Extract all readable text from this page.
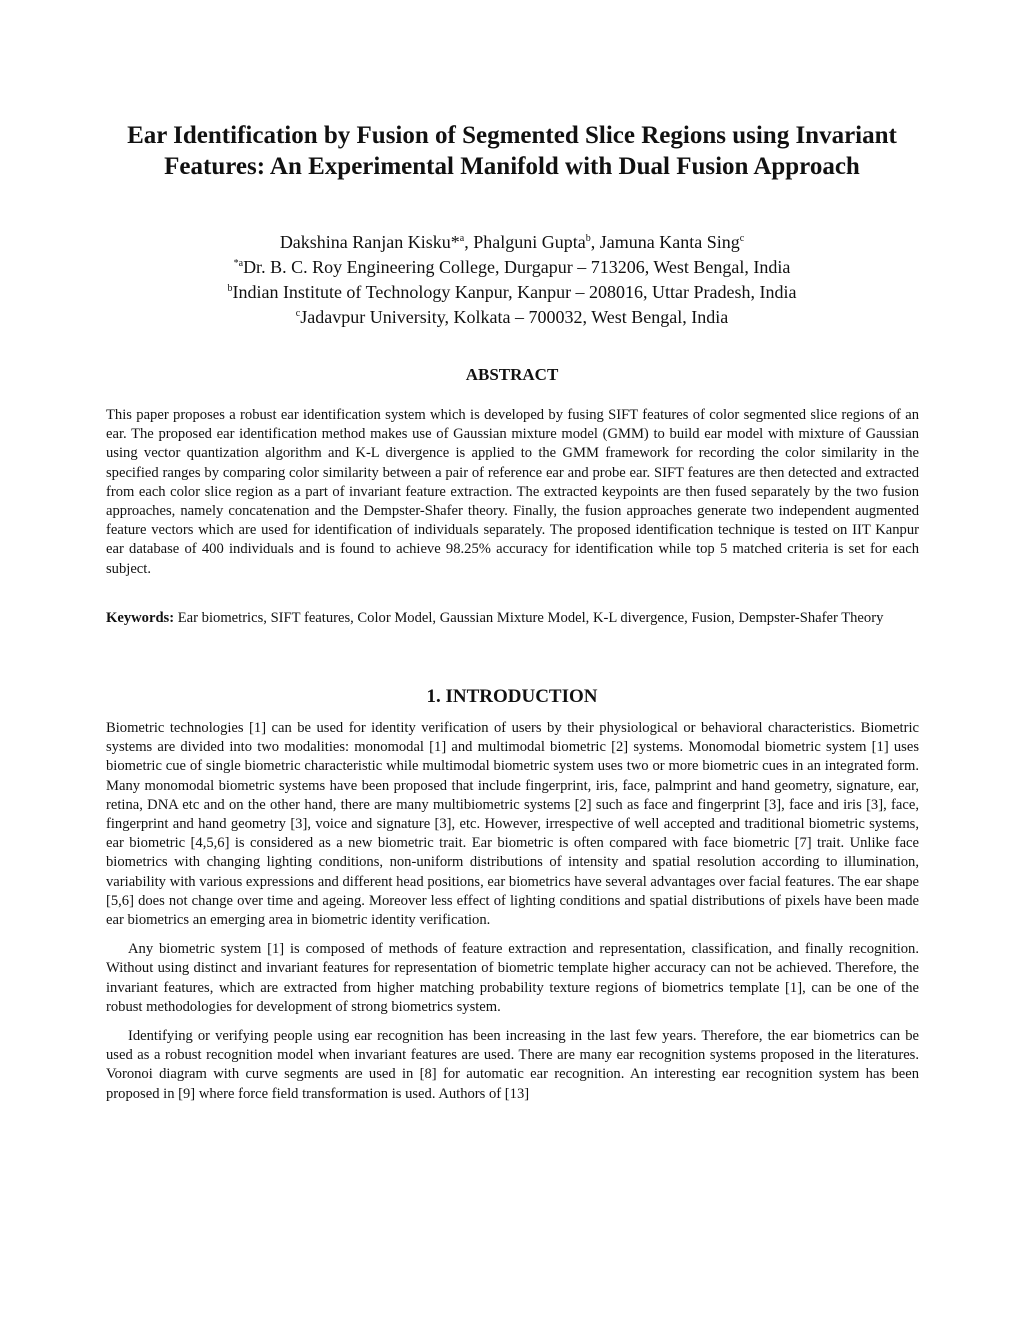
Ear Identification by Fusion of Segmented Slice Regions using Invariant Features: An Experimental Manifold with Dual Fusion Approach
Dakshina Ranjan Kisku*$^a$, Phalguni Gupta$^b$, Jamuna Kanta Sing$^c$
$^{*a}$Dr. B. C. Roy Engineering College, Durgapur – 713206, West Bengal, India
$^b$Indian Institute of Technology Kanpur, Kanpur – 208016, Uttar Pradesh, India
$^c$Jadavpur University, Kolkata – 700032, West Bengal, India
ABSTRACT

This paper proposes a robust ear identification system which is developed by fusing SIFT features of color segmented slice regions of an ear. The proposed ear identification method makes use of Gaussian mixture model (GMM) to build ear model with mixture of Gaussian using vector quantization algorithm and K-L divergence is applied to the GMM framework for recording the color similarity in the specified ranges by comparing color similarity between a pair of reference ear and probe ear. SIFT features are then detected and extracted from each color slice region as a part of invariant feature extraction. The extracted keypoints are then fused separately by the two fusion approaches, namely concatenation and the Dempster-Shafer theory. Finally, the fusion approaches generate two independent augmented feature vectors which are used for identification of individuals separately. The proposed identification technique is tested on IIT Kanpur ear database of 400 individuals and is found to achieve 98.25% accuracy for identification while top 5 matched criteria is set for each subject.

Keywords: Ear biometrics, SIFT features, Color Model, Gaussian Mixture Model, K-L divergence, Fusion, Dempster-Shafer Theory

1. INTRODUCTION

Biometric technologies [1] can be used for identity verification of users by their physiological or behavioral characteristics. Biometric systems are divided into two modalities: monomodal [1] and multimodal biometric [2] systems. Monomodal biometric system [1] uses biometric cue of single biometric characteristic while multimodal biometric system uses two or more biometric cues in an integrated form. Many monomodal biometric systems have been proposed that include fingerprint, iris, face, palmprint and hand geometry, signature, ear, retina, DNA etc and on the other hand, there are many multibiometric systems [2] such as face and fingerprint [3], face and iris [3], face, fingerprint and hand geometry [3], voice and signature [3], etc. However, irrespective of well accepted and traditional biometric systems, ear biometric [4,5,6] is considered as a new biometric trait. Ear biometric is often compared with face biometric [7] trait. Unlike face biometrics with changing lighting conditions, non-uniform distributions of intensity and spatial resolution according to illumination, variability with various expressions and different head positions, ear biometrics have several advantages over facial features. The ear shape [5,6] does not change over time and ageing. Moreover less effect of lighting conditions and spatial distributions of pixels have been made ear biometrics an emerging area in biometric identity verification.

Any biometric system [1] is composed of methods of feature extraction and representation, classification, and finally recognition. Without using distinct and invariant features for representation of biometric template higher accuracy can not be achieved. Therefore, the invariant features, which are extracted from higher matching probability texture regions of biometrics template [1], can be one of the robust methodologies for development of strong biometrics system.

Identifying or verifying people using ear recognition has been increasing in the last few years. Therefore, the ear biometrics can be used as a robust recognition model when invariant features are used. There are many ear recognition systems proposed in the literatures. Voronoi diagram with curve segments are used in [8] for automatic ear recognition. An interesting ear recognition system has been proposed in [9] where force field transformation is used. Authors of [13]
